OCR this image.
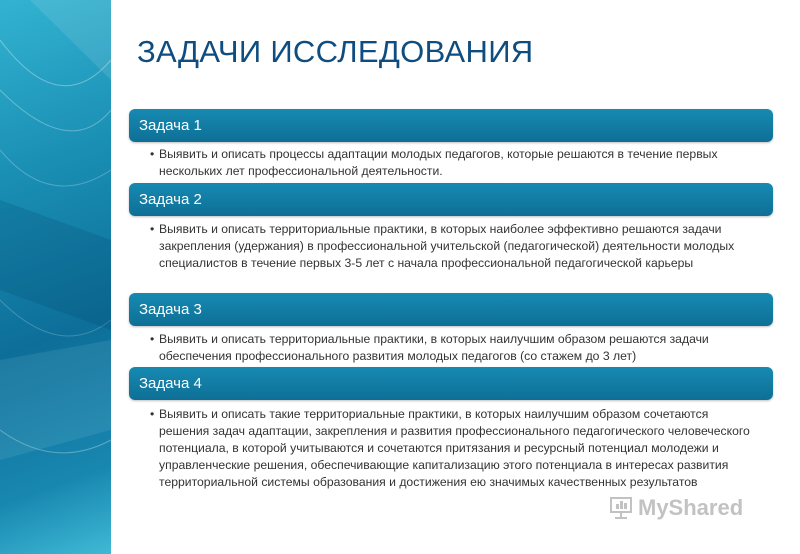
ЗАДАЧИ ИССЛЕДОВАНИЯ
Задача 1
• Выявить и описать процессы адаптации молодых педагогов, которые решаются в течение первых нескольких лет профессиональной деятельности.
Задача 2
• Выявить и описать территориальные практики, в которых наиболее эффективно решаются задачи закрепления (удержания) в профессиональной учительской (педагогической) деятельности молодых специалистов в течение первых 3-5 лет с начала профессиональной педагогической карьеры
Задача 3
• Выявить и описать территориальные практики, в которых наилучшим образом решаются задачи обеспечения профессионального развития молодых педагогов (со стажем до 3 лет)
Задача 4
• Выявить и описать такие территориальные практики, в которых наилучшим образом сочетаются решения задач адаптации, закрепления и развития профессионального педагогического человеческого потенциала, в которой учитываются и сочетаются притязания и ресурсный потенциал молодежи и управленческие решения, обеспечивающие капитализацию этого потенциала в интересах развития территориальной системы образования и достижения ею значимых качественных результатов
MyShared
